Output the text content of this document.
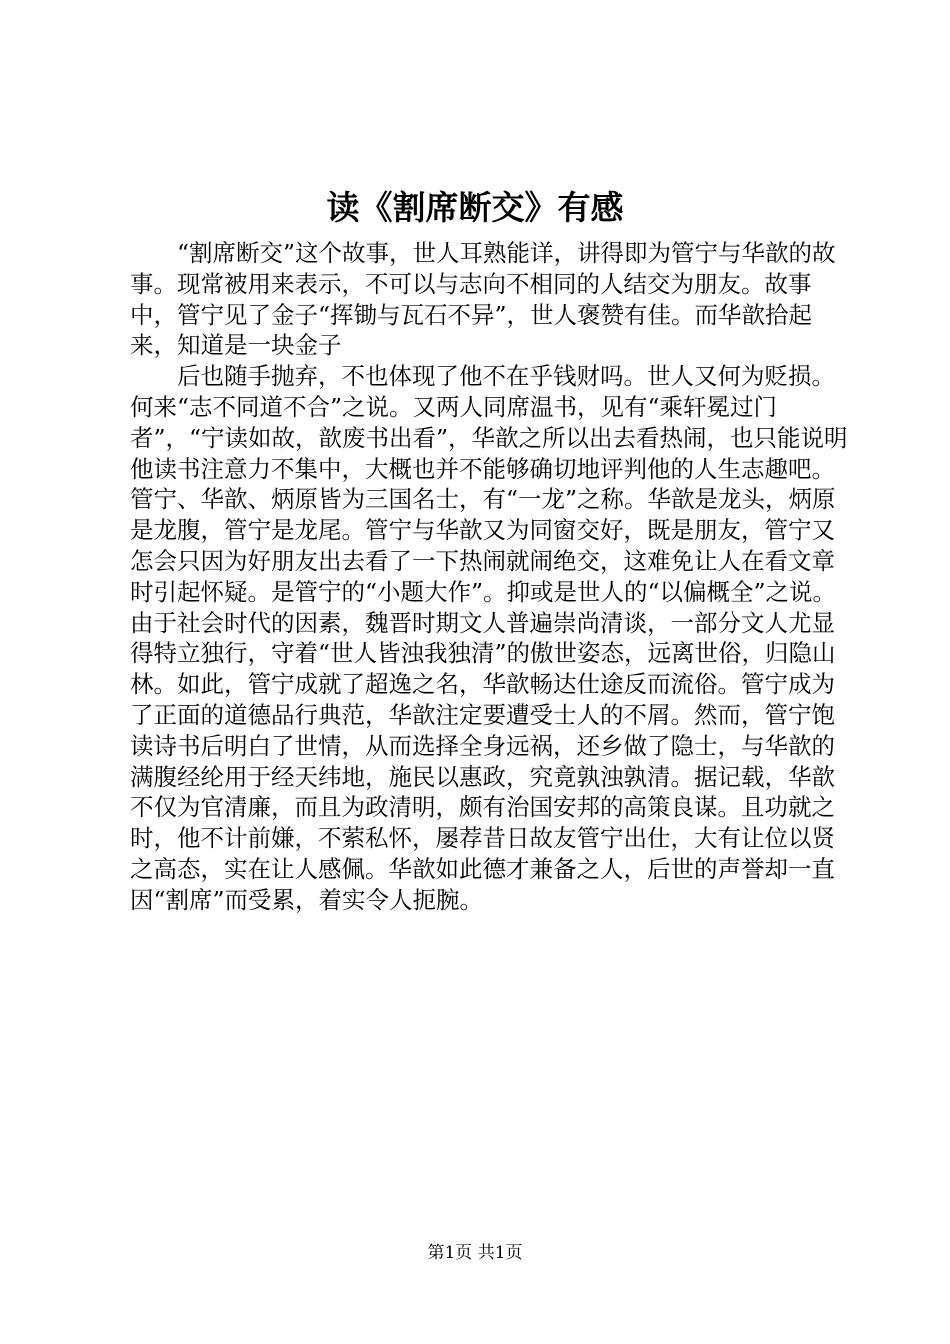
读《割席断交》有感

“割席断交”这个故事，世人耳熟能详，讲得即为管宁与华歆的故事。现常被用来表示，不可以与志向不相同的人结交为朋友。故事中，管宁见了金子“挥锄与瓦石不异”，世人褒赞有佳。而华歆拾起来，知道是一块金子

后也随手抛弃，不也体现了他不在乎钱财吗。世人又何为贬损。何来“志不同道不合”之说。又两人同席温书，见有“乘轩冕过门者”，“宁读如故，歆废书出看”，华歆之所以出去看热闹，也只能说明他读书注意力不集中，大概也并不能够确切地评判他的人生志趣吧。管宁、华歆、炳原皆为三国名士，有“一龙”之称。华歆是龙头，炳原是龙腹，管宁是龙尾。管宁与华歆又为同窗交好，既是朋友，管宁又怎会只因为好朋友出去看了一下热闹就闹绝交，这难免让人在看文章时引起怀疑。是管宁的“小题大作”。抑或是世人的“以偏概全”之说。由于社会时代的因素，魏晋时期文人普遍崇尚清谈，一部分文人尤显得特立独行，守着“世人皆浊我独清”的傲世姿态，远离世俗，归隐山林。如此，管宁成就了超逸之名，华歆畅达仕途反而流俗。管宁成为了正面的道德品行典范，华歆注定要遭受士人的不屑。然而，管宁饱读诗书后明白了世情，从而选择全身远祸，还乡做了隐士，与华歆的满腹经纶用于经天纬地，施民以惠政，究竟孰浊孰清。据记载，华歆不仅为官清廉，而且为政清明，颇有治国安邦的高策良谋。且功就之时，他不计前嫌，不萦私怀，屡荐昔日故友管宁出仕，大有让位以贤之高态，实在让人感佩。华歆如此德才兼备之人，后世的声誉却一直因“割席”而受累，着实令人扼腕。

第1页 共1页
